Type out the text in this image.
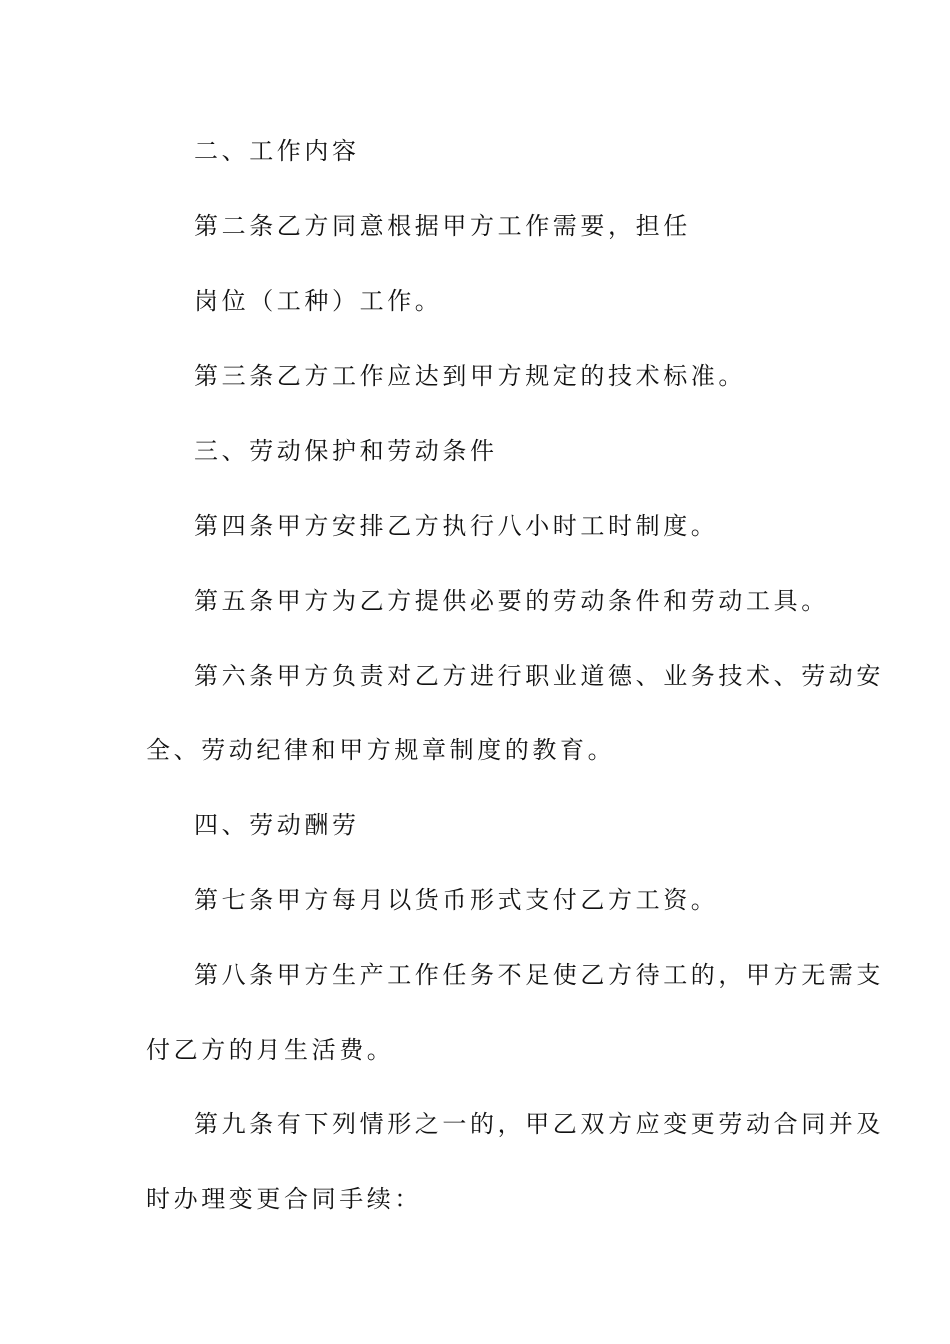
二、工作内容
第二条乙方同意根据甲方工作需要，担任
岗位（工种）工作。
第三条乙方工作应达到甲方规定的技术标准。
三、劳动保护和劳动条件
第四条甲方安排乙方执行八小时工时制度。
第五条甲方为乙方提供必要的劳动条件和劳动工具。
第六条甲方负责对乙方进行职业道德、业务技术、劳动安
全、劳动纪律和甲方规章制度的教育。
四、劳动酬劳
第七条甲方每月以货币形式支付乙方工资。
第八条甲方生产工作任务不足使乙方待工的，甲方无需支
付乙方的月生活费。
第九条有下列情形之一的，甲乙双方应变更劳动合同并及
时办理变更合同手续：
